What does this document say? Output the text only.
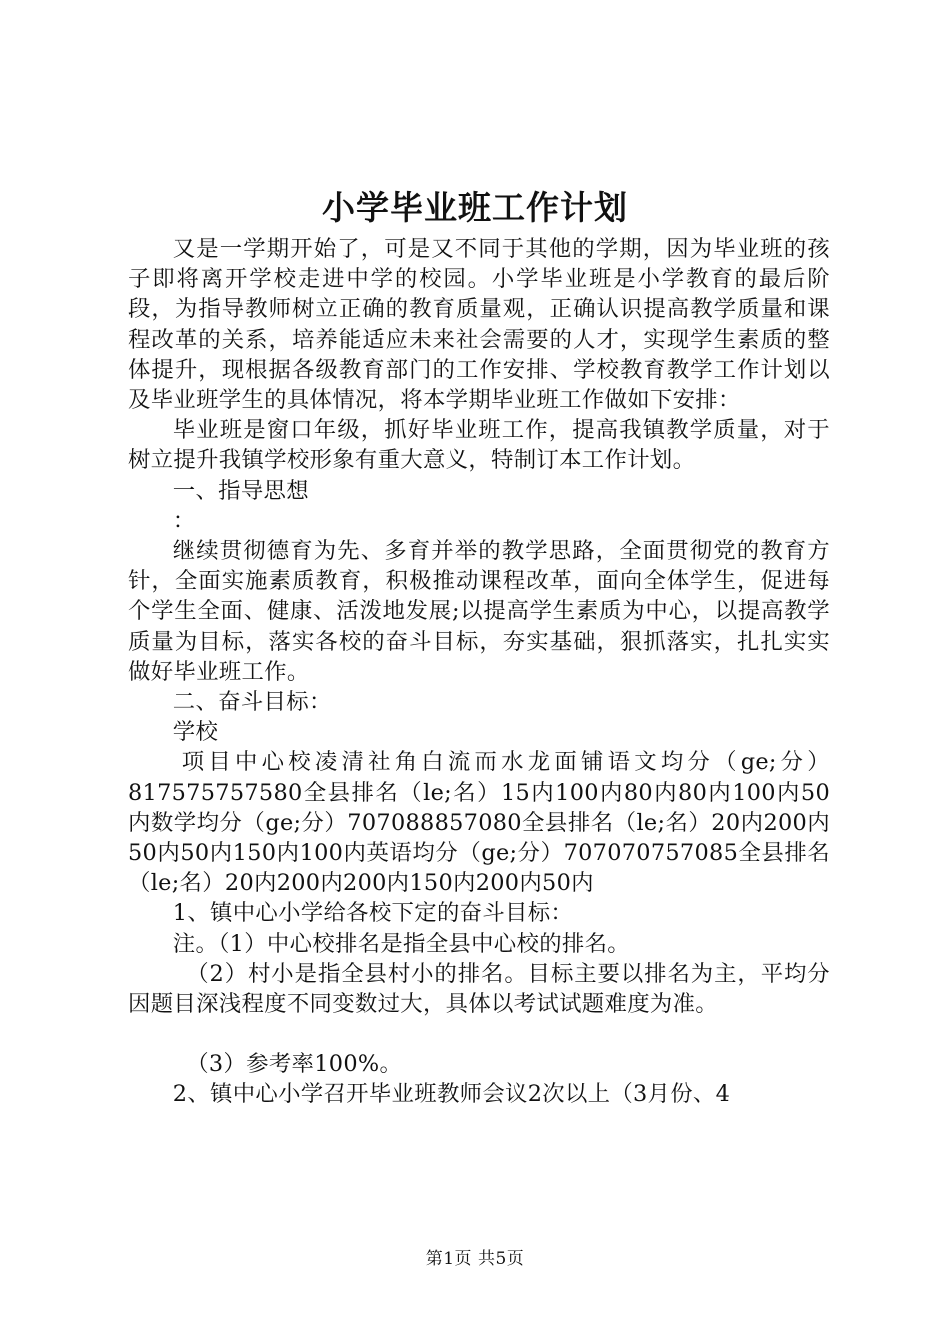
小学毕业班工作计划

又是一学期开始了，可是又不同于其他的学期，因为毕业班的孩子即将离开学校走进中学的校园。小学毕业班是小学教育的最后阶段，为指导教师树立正确的教育质量观，正确认识提高教学质量和课程改革的关系，培养能适应未来社会需要的人才，实现学生素质的整体提升，现根据各级教育部门的工作安排、学校教育教学工作计划以及毕业班学生的具体情况，将本学期毕业班工作做如下安排：

毕业班是窗口年级，抓好毕业班工作，提高我镇教学质量，对于树立提升我镇学校形象有重大意义，特制订本工作计划。

一、指导思想

：

继续贯彻德育为先、多育并举的教学思路，全面贯彻党的教育方针，全面实施素质教育，积极推动课程改革，面向全体学生，促进每个学生全面、健康、活泼地发展;以提高学生素质为中心，以提高教学质量为目标，落实各校的奋斗目标，夯实基础，狠抓落实，扎扎实实做好毕业班工作。

二、奋斗目标：

学校

项目中心校凌清社角白流而水龙面铺语文均分（ge;分）817575757580全县排名（le;名）15内100内80内80内100内50内数学均分（ge;分）707088857080全县排名（le;名）20内200内50内50内150内100内英语均分（ge;分）707070757085全县排名（le;名）20内200内200内150内200内50内

1、镇中心小学给各校下定的奋斗目标：

注。（1）中心校排名是指全县中心校的排名。

（2）村小是指全县村小的排名。目标主要以排名为主，平均分因题目深浅程度不同变数过大，具体以考试试题难度为准。

（3）参考率100%。

2、镇中心小学召开毕业班教师会议2次以上（3月份、4

第1页 共5页
